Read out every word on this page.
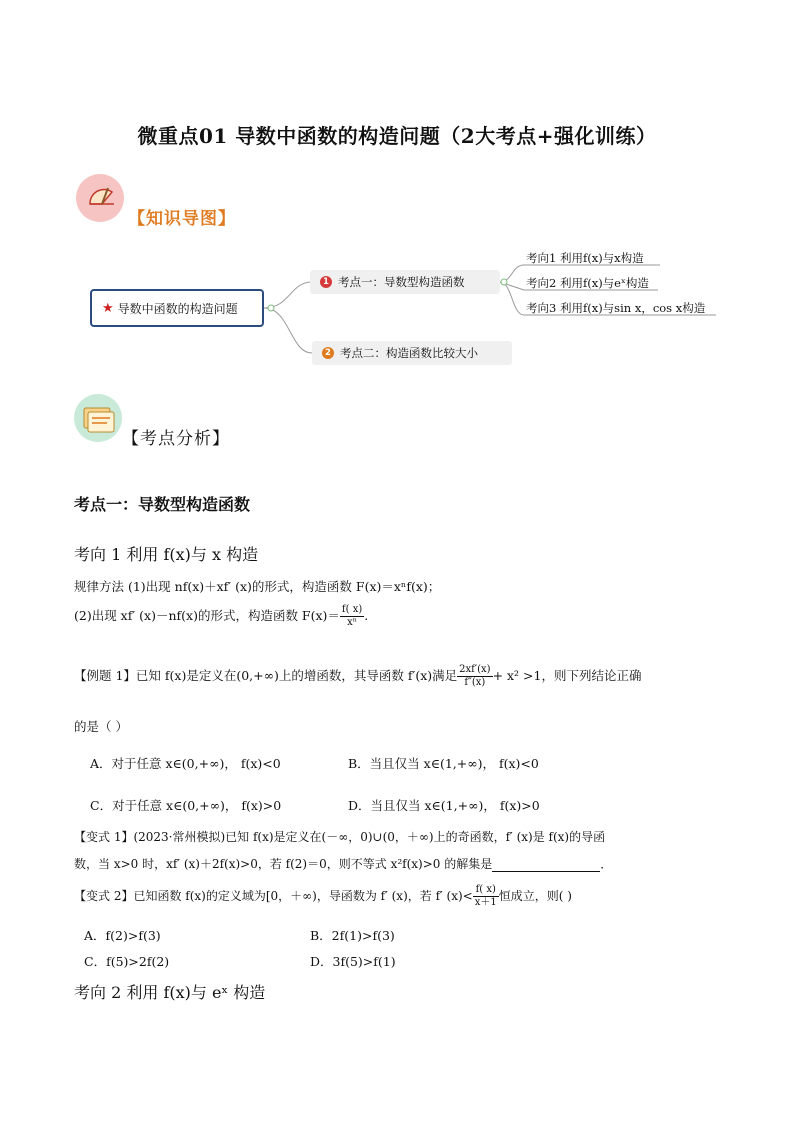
微重点01 导数中函数的构造问题（2大考点+强化训练）
【知识导图】
★ 导数中函数的构造问题
1 考点一：导数型构造函数
2 考点二：构造函数比较大小
考向1 利用f(x)与x构造
考向2 利用f(x)与eˣ构造
考向3 利用f(x)与sin x，cos x构造
【考点分析】
考点一：导数型构造函数
考向 1 利用 f(x)与 x 构造
规律方法 (1)出现 nf(x)＋xf′ (x)的形式，构造函数 F(x)＝xⁿf(x)；
(2)出现 xf′ (x)－nf(x)的形式，构造函数 $F(x)= \frac{f( x)}{\text{xⁿ}}$ .
【例题 1】已知 f(x)是定义在(0,+∞)上的增函数，其导函数 f′(x)满足 $\frac{2xf'(x)}{f''(x)} + x^2 >1$，则下列结论正确
的是（ ）
A．对于任意 x∈(0,+∞)， f(x)<0	B．当且仅当 x∈(1,+∞)， f(x)<0
C．对于任意 x∈(0,+∞)， f(x)>0	D．当且仅当 x∈(1,+∞)， f(x)>0
【变式 1】(2023·常州模拟)已知 f(x)是定义在(－∞，0)∪(0，＋∞)上的奇函数，f′ (x)是 f(x)的导函
数，当 x>0 时，xf′ (x)＋2f(x)>0，若 f(2)＝0，则不等式 x²f(x)>0 的解集是	．
【变式 2】已知函数 f(x)的定义域为[0，＋∞)，导函数为 f′ (x)，若 f′ $(x)< \frac{f( x)}{x+1}$ 恒成立，则( )
A．f(2)>f(3)	B．2f(1)>f(3)
C．f(5)>2f(2)	D．3f(5)>f(1)
考向 2 利用 f(x)与 eˣ 构造
